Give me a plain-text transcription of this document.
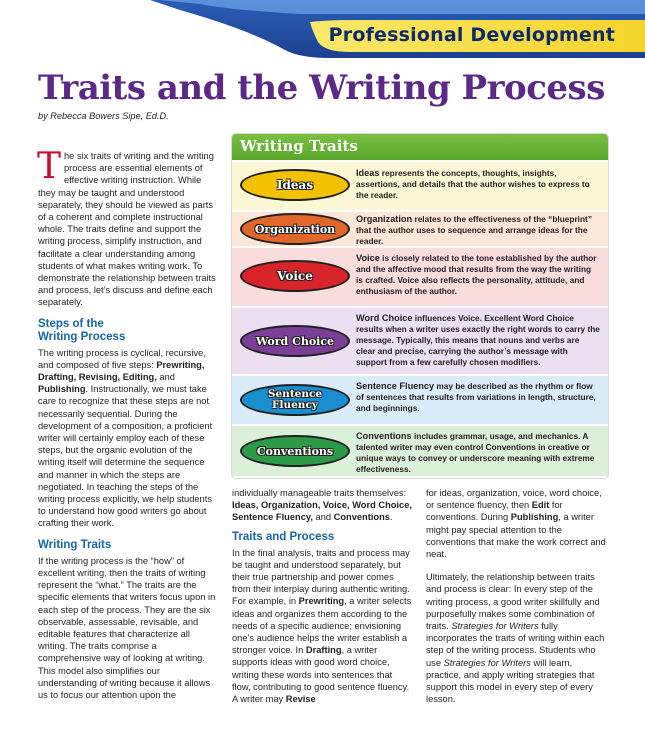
Professional Development
Traits and the Writing Process
by Rebecca Bowers Sipe, Ed.D.

The six traits of writing and the writing process are essential elements of effective writing instruction. While they may be taught and understood separately, they should be viewed as parts of a coherent and complete instructional whole. The traits define and support the writing process, simplify instruction, and facilitate a clear understanding among students of what makes writing work. To demonstrate the relationship between traits and process, let’s discuss and define each separately.

Steps of the
Writing Process

The writing process is cyclical, recursive, and composed of five steps: Prewriting, Drafting, Revising, Editing, and Publishing. Instructionally, we must take care to recognize that these steps are not necessarily sequential. During the development of a composition, a proficient writer will certainly employ each of these steps, but the organic evolution of the writing itself will determine the sequence and manner in which the steps are negotiated. In teaching the steps of the writing process explicitly, we help students to understand how good writers go about crafting their work.

Writing Traits

If the writing process is the “how” of excellent writing, then the traits of writing represent the “what.” The traits are the specific elements that writers focus upon in each step of the process. They are the six observable, assessable, revisable, and editable features that characterize all writing. The traits comprise a comprehensive way of looking at writing. This model also simplifies our understanding of writing because it allows us to focus our attention upon the

Writing Traits
Ideas
Ideas represents the concepts, thoughts, insights, assertions, and details that the author wishes to express to the reader.
Organization
Organization relates to the effectiveness of the “blueprint” that the author uses to sequence and arrange ideas for the reader.
Voice
Voice is closely related to the tone established by the author and the affective mood that results from the way the writing is crafted. Voice also reflects the personality, attitude, and enthusiasm of the author.
Word Choice
Word Choice influences Voice. Excellent Word Choice results when a writer uses exactly the right words to carry the message. Typically, this means that nouns and verbs are clear and precise, carrying the author’s message with support from a few carefully chosen modifiers.
Sentence Fluency
Sentence Fluency may be described as the rhythm or flow of sentences that results from variations in length, structure, and beginnings.
Conventions
Conventions includes grammar, usage, and mechanics. A talented writer may even control Conventions in creative or unique ways to convey or underscore meaning with extreme effectiveness.

individually manageable traits themselves: Ideas, Organization, Voice, Word Choice, Sentence Fluency, and Conventions.

Traits and Process

In the final analysis, traits and process may be taught and understood separately, but their true partnership and power comes from their interplay during authentic writing. For example, in Prewriting, a writer selects ideas and organizes them according to the needs of a specific audience; envisioning one’s audience helps the writer establish a stronger voice. In Drafting, a writer supports ideas with good word choice, writing these words into sentences that flow, contributing to good sentence fluency. A writer may Revise

for ideas, organization, voice, word choice, or sentence fluency, then Edit for conventions. During Publishing, a writer might pay special attention to the conventions that make the work correct and neat.

Ultimately, the relationship between traits and process is clear: In every step of the writing process, a good writer skillfully and purposefully makes some combination of traits. Strategies for Writers fully incorporates the traits of writing within each step of the writing process. Students who use Strategies for Writers will learn, practice, and apply writing strategies that support this model in every step of every lesson.
